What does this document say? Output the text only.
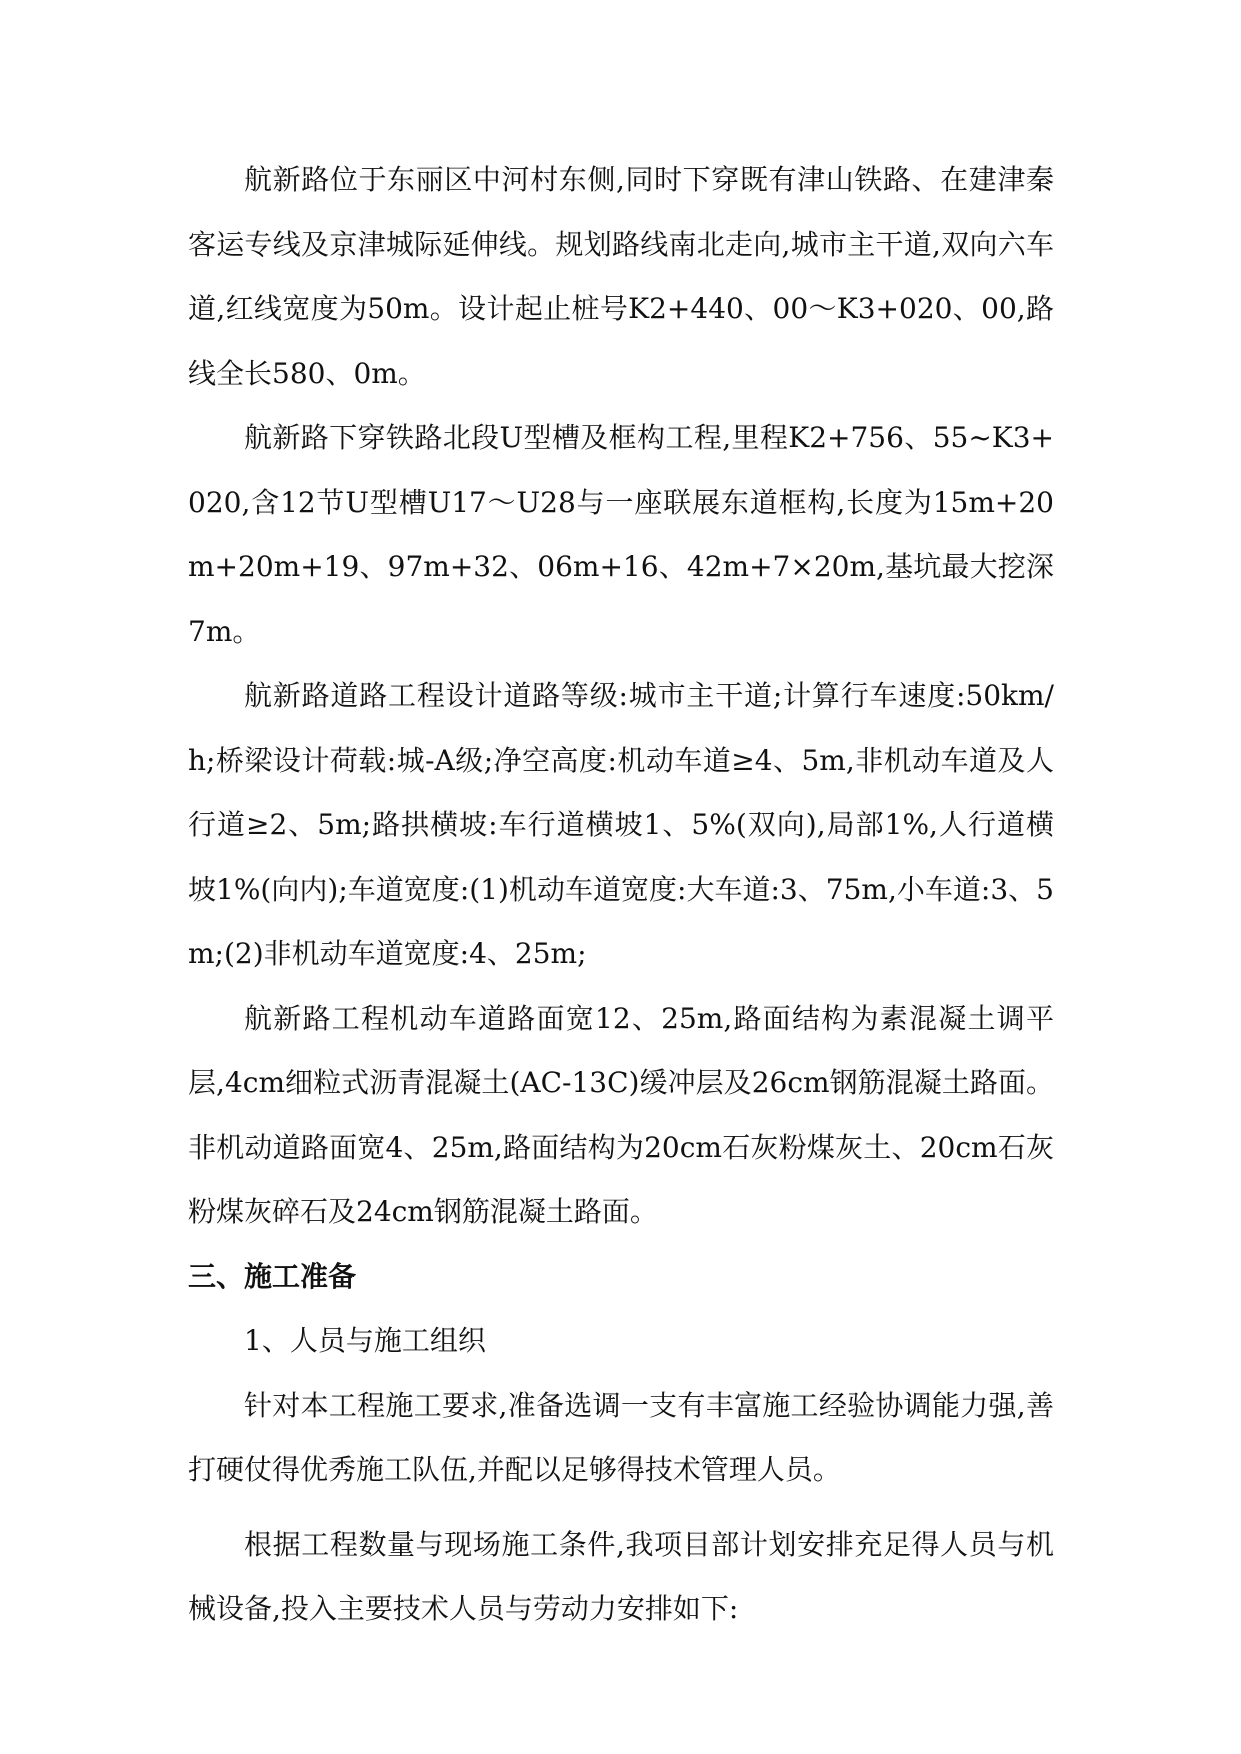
航新路位于东丽区中河村东侧,同时下穿既有津山铁路、在建津秦客运专线及京津城际延伸线。规划路线南北走向,城市主干道,双向六车道,红线宽度为50m。设计起止桩号K2+440、00～K3+020、00,路线全长580、0m。

航新路下穿铁路北段U型槽及框构工程,里程K2+756、55~K3+020,含12节U型槽U17～U28与一座联展东道框构,长度为15m+20m+20m+19、97m+32、06m+16、42m+7×20m,基坑最大挖深7m。

航新路道路工程设计道路等级:城市主干道;计算行车速度:50km/h;桥梁设计荷载:城-A级;净空高度:机动车道≥4、5m,非机动车道及人行道≥2、5m;路拱横坡:车行道横坡1、5%(双向),局部1%,人行道横坡1%(向内);车道宽度:(1)机动车道宽度:大车道:3、75m,小车道:3、5m;(2)非机动车道宽度:4、25m;

航新路工程机动车道路面宽12、25m,路面结构为素混凝土调平层,4cm细粒式沥青混凝土(AC-13C)缓冲层及26cm钢筋混凝土路面。非机动道路面宽4、25m,路面结构为20cm石灰粉煤灰土、20cm石灰粉煤灰碎石及24cm钢筋混凝土路面。

三、施工准备

1、人员与施工组织

针对本工程施工要求,准备选调一支有丰富施工经验协调能力强,善打硬仗得优秀施工队伍,并配以足够得技术管理人员。

根据工程数量与现场施工条件,我项目部计划安排充足得人员与机械设备,投入主要技术人员与劳动力安排如下:
